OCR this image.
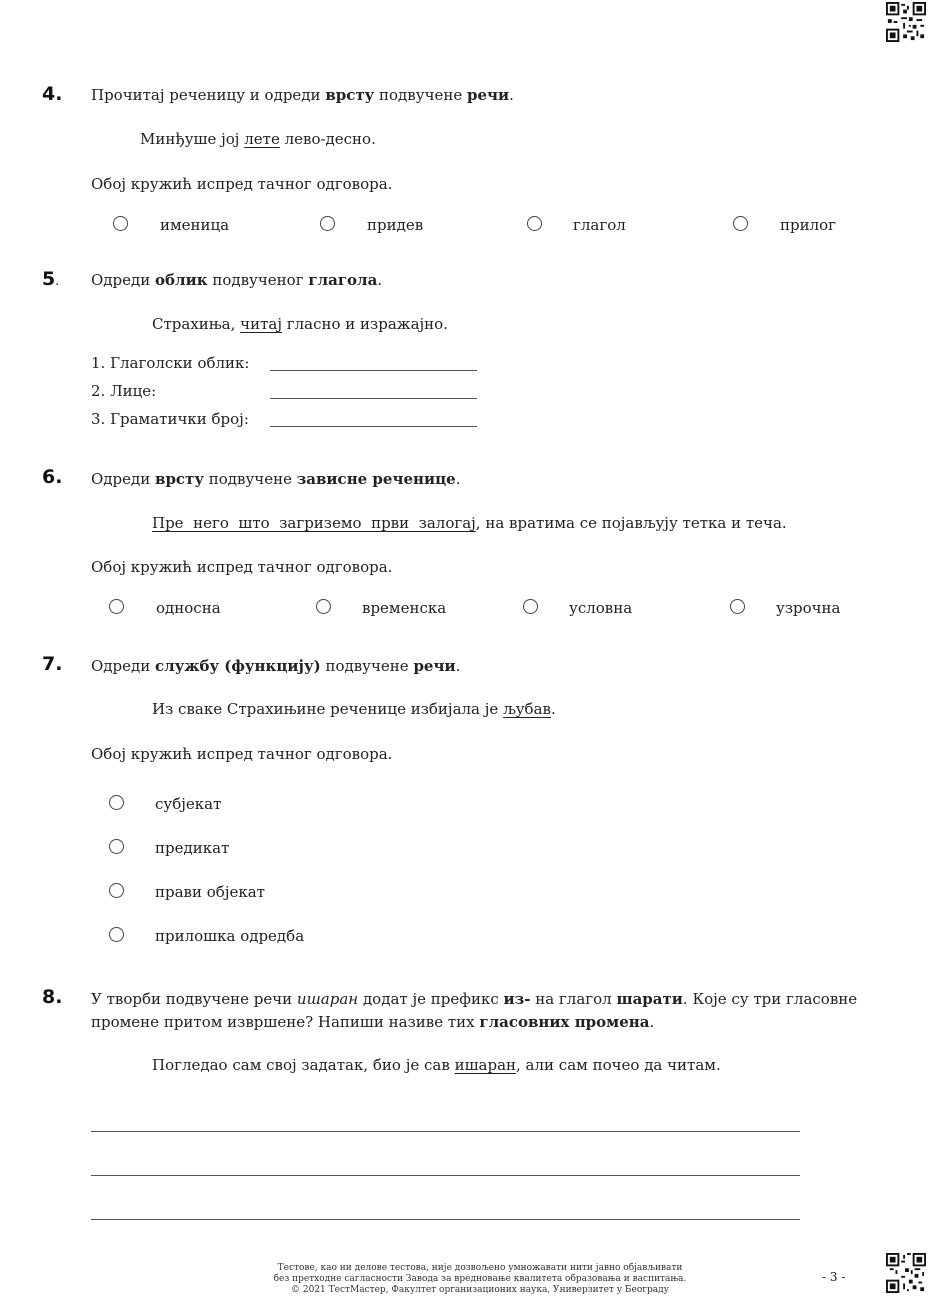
4. Прочитај реченицу и одреди врсту подвучене речи.
Минђуше јој лете лево-десно.
Обој кружић испред тачног одговора.
именица	придев	глагол	прилог
5. Одреди облик подвученог глагола.
Страхиња, читај гласно и изражајно.
1. Глаголски облик:
2. Лице:
3. Граматички број:
6. Одреди врсту подвучене зависне реченице.
Пре  него  што  загриземо  први  залогај, на вратима се појављују тетка и теча.
Обој кружић испред тачног одговора.
односна	временска	условна	узрочна
7. Одреди службу (функцију) подвучене речи.
Из сваке Страхињине реченице избијала је љубав.
Обој кружић испред тачног одговора.
субјекат
предикат
прави објекат
прилошка одредба
8. У творби подвучене речи ишаран додат је префикс из- на глагол шарати. Које су три гласовне
промене притом извршене? Напиши називе тих гласовних промена.
Погледао сам свој задатак, био је сав ишаран, али сам почео да читам.
Тестове, као ни делове тестова, није дозвољено умножавати нити јавно објављивати
без претходне сагласности Завода за вредновање квалитета образовања и васпитања.
© 2021 ТестМастер, Факултет организационих наука, Универзитет у Београду
- 3 -
